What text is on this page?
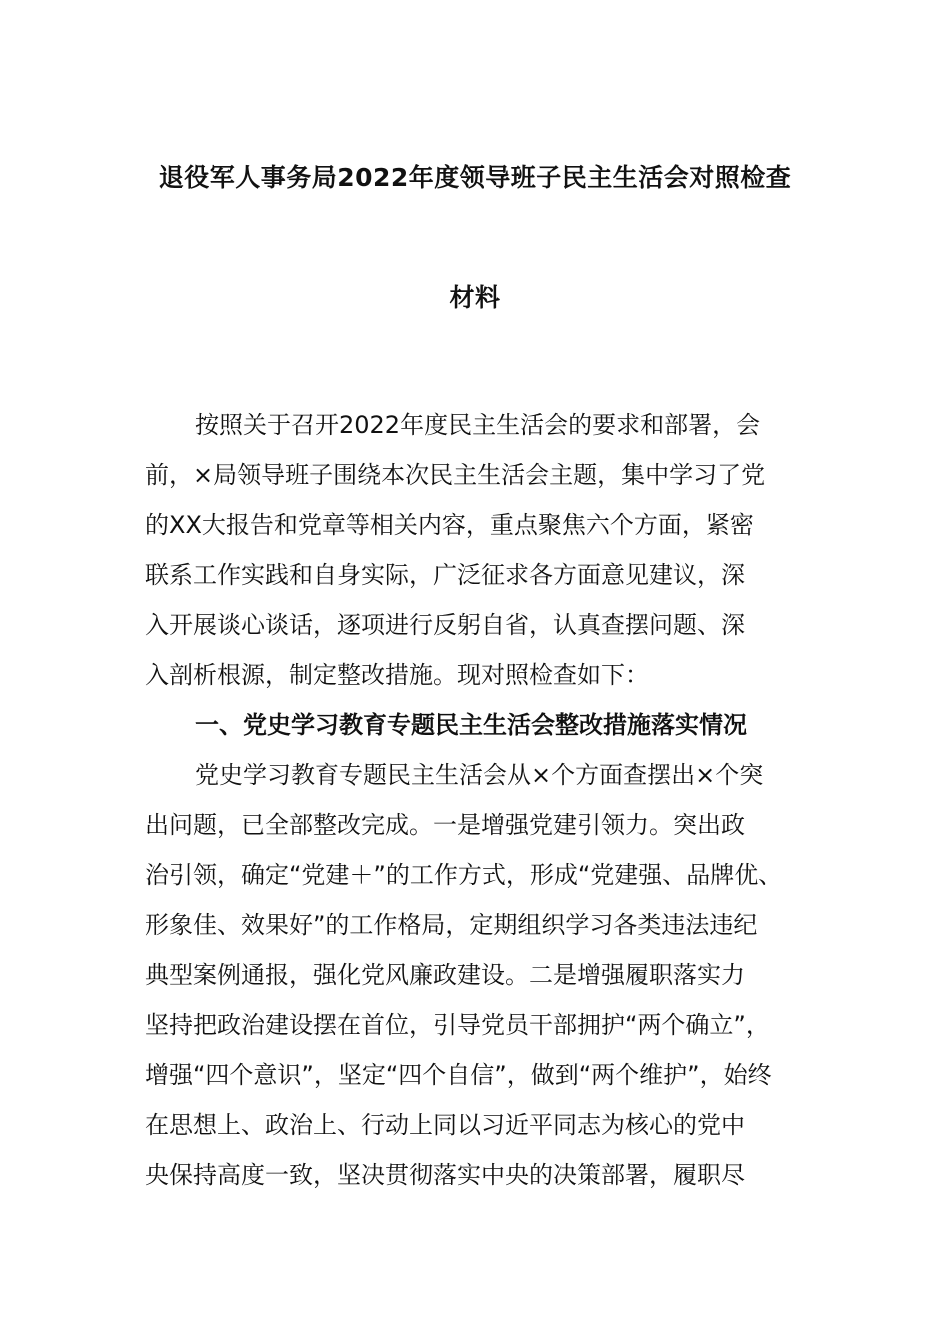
退役军人事务局2022年度领导班子民主生活会对照检查
材料
按照关于召开2022年度民主生活会的要求和部署，会
前，×局领导班子围绕本次民主生活会主题，集中学习了党
的XX大报告和党章等相关内容，重点聚焦六个方面，紧密
联系工作实践和自身实际，广泛征求各方面意见建议，深
入开展谈心谈话，逐项进行反躬自省，认真查摆问题、深
入剖析根源，制定整改措施。现对照检查如下：
一、党史学习教育专题民主生活会整改措施落实情况
党史学习教育专题民主生活会从×个方面查摆出×个突
出问题，已全部整改完成。一是增强党建引领力。突出政
治引领，确定“党建＋”的工作方式，形成“党建强、品牌优、
形象佳、效果好”的工作格局，定期组织学习各类违法违纪
典型案例通报，强化党风廉政建设。二是增强履职落实力
坚持把政治建设摆在首位，引导党员干部拥护“两个确立”，
增强“四个意识”，坚定“四个自信”，做到“两个维护”，始终
在思想上、政治上、行动上同以习近平同志为核心的党中
央保持高度一致，坚决贯彻落实中央的决策部署，履职尽
